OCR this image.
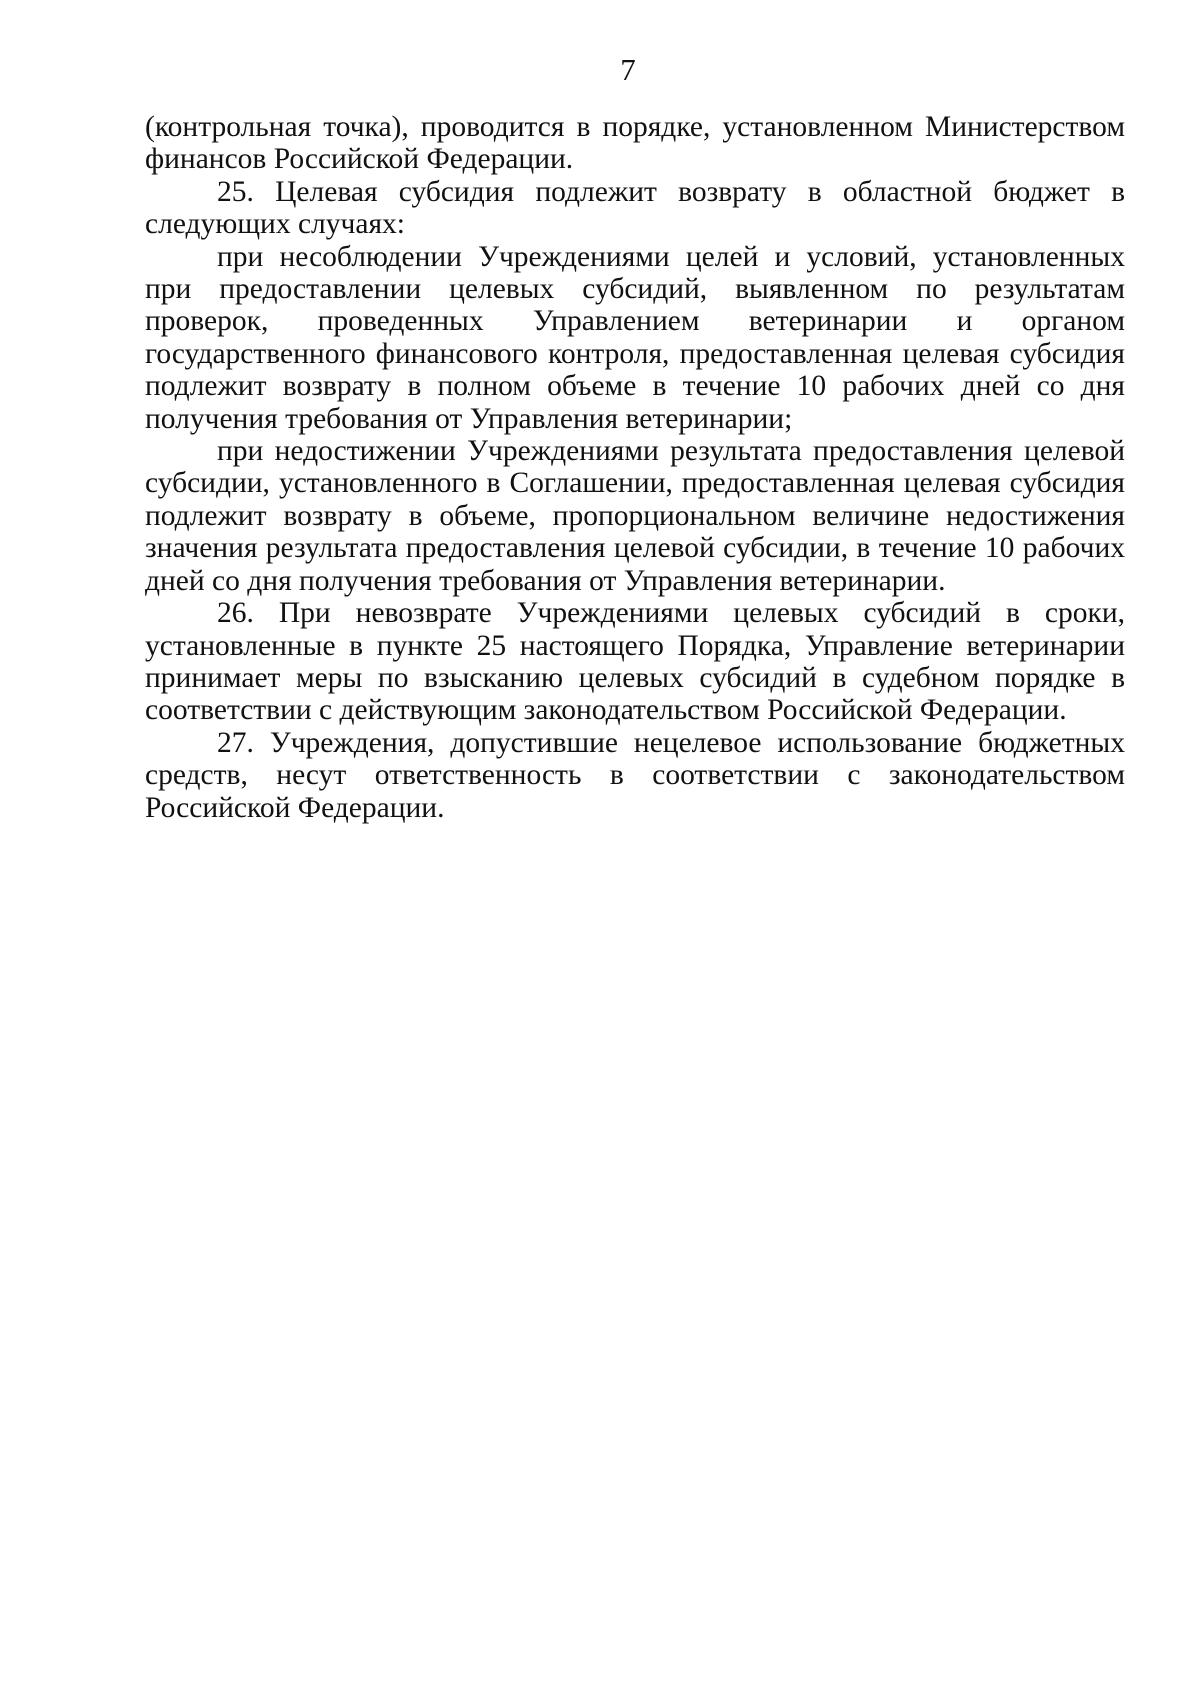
7

(контрольная точка), проводится в порядке, установленном Министерством финансов Российской Федерации.

25. Целевая субсидия подлежит возврату в областной бюджет в следующих случаях:

при несоблюдении Учреждениями целей и условий, установленных при предоставлении целевых субсидий, выявленном по результатам проверок, проведенных Управлением ветеринарии и органом государственного финансового контроля, предоставленная целевая субсидия подлежит возврату в полном объеме в течение 10 рабочих дней со дня получения требования от Управления ветеринарии;

при недостижении Учреждениями результата предоставления целевой субсидии, установленного в Соглашении, предоставленная целевая субсидия подлежит возврату в объеме, пропорциональном величине недостижения значения результата предоставления целевой субсидии, в течение 10 рабочих дней со дня получения требования от Управления ветеринарии.

26. При невозврате Учреждениями целевых субсидий в сроки, установленные в пункте 25 настоящего Порядка, Управление ветеринарии принимает меры по взысканию целевых субсидий в судебном порядке в соответствии с действующим законодательством Российской Федерации.

27. Учреждения, допустившие нецелевое использование бюджетных средств, несут ответственность в соответствии с законодательством Российской Федерации.
